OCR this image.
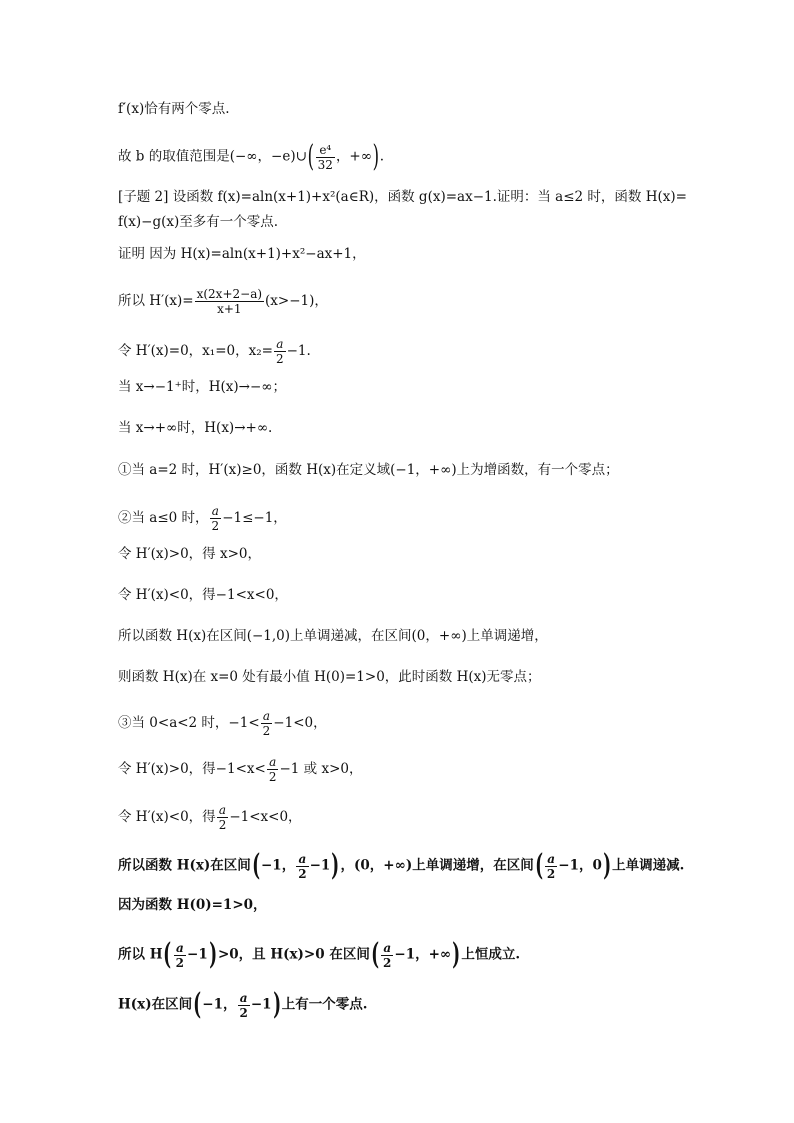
f′(x)恰有两个零点.
故 b 的取值范围是(−∞，−e)∪( $\frac{\text{e⁴}}{32}$ ，+∞).
[子题 2] 设函数 f(x)=aln(x+1)+x²(a∈R)，函数 g(x)=ax−1.证明：当 a≤2 时，函数 H(x)=
f(x)−g(x)至多有一个零点.
证明 因为 H(x)=aln(x+1)+x²−ax+1，
所以 $H'(x)= \frac{x(2x+2-a)}{x+1} (x>-1)$，
令 H′(x)=0，x₁=0，$x_2= \frac{a}{2} -1$.
当 x→−1⁺时，H(x)→−∞；
当 x→+∞时，H(x)→+∞.
①当 a=2 时，H′(x)≥0，函数 H(x)在定义域(−1，+∞)上为增函数，有一个零点；
②当 a≤0 时， $\frac{a}{2} -1\le-1$，
令 H′(x)>0，得 x>0，
令 H′(x)<0，得−1<x<0，
所以函数 H(x)在区间(−1,0)上单调递减，在区间(0，+∞)上单调递增，
则函数 H(x)在 x=0 处有最小值 H(0)=1>0，此时函数 H(x)无零点；
③当 0<a<2 时，$-1< \frac{a}{2} -1<0$，
令 H′(x)>0，得$-1<x< \frac{a}{2} -1$ 或 x>0，
令 H′(x)<0，得 $\frac{a}{2} -1<x<0$，
所以函数 H(x)在区间(−1， $\frac{a}{2} -1$)，(0，+∞)上单调递增，在区间( $\frac{a}{2} -1$，0)上单调递减.
因为函数 H(0)=1>0，
所以 $H( \frac{a}{2} -1)>0$，且 H(x)>0 在区间( $\frac{a}{2} -1$，+∞)上恒成立.
H(x)在区间(−1， $\frac{a}{2} -1$)上有一个零点.
